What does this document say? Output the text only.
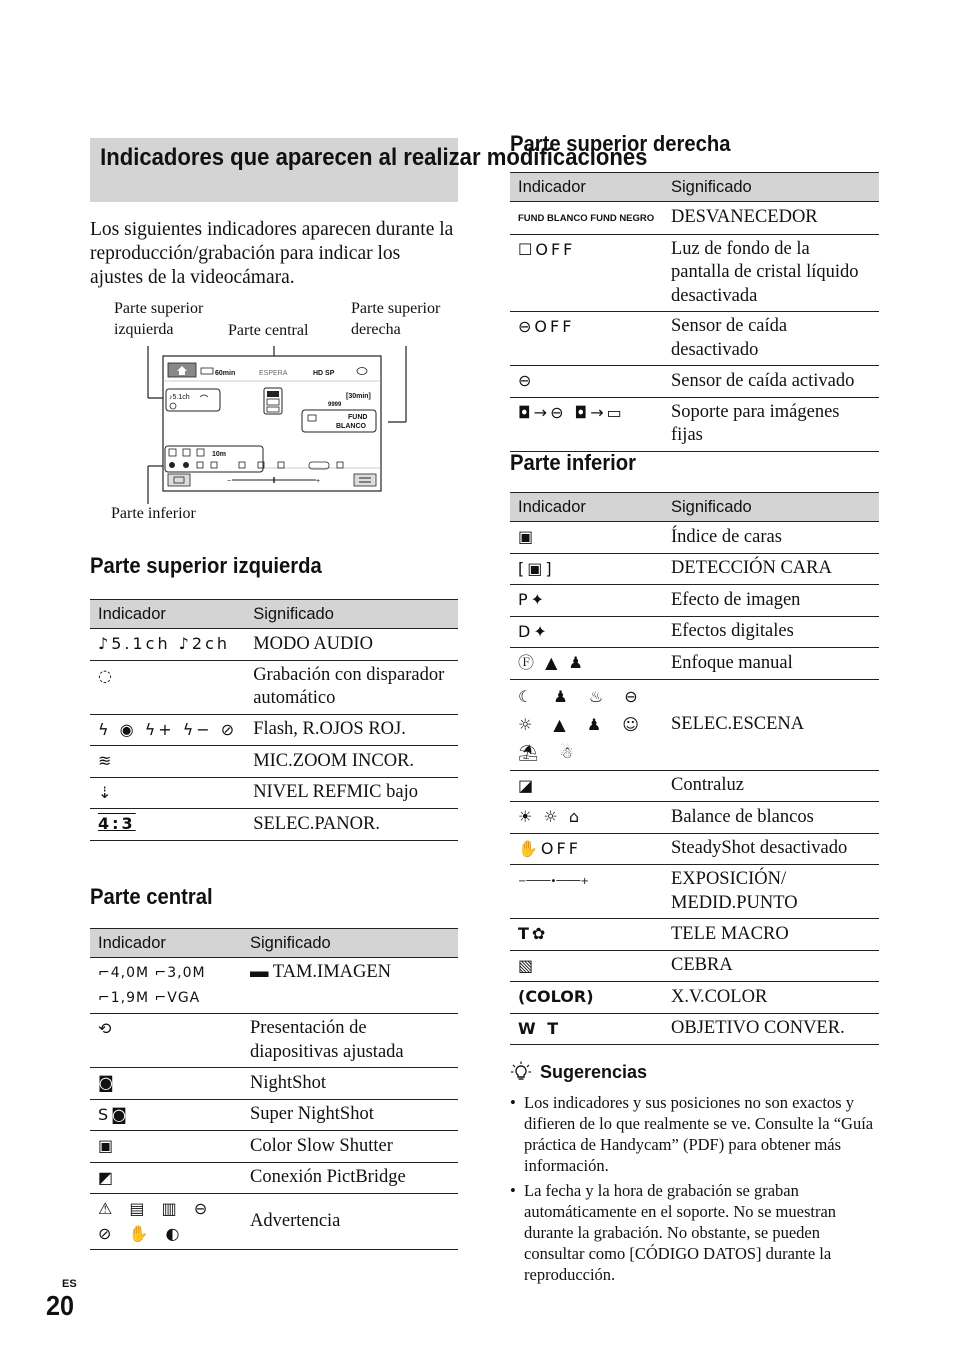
Indicadores que aparecen al realizar modificaciones

Los siguientes indicadores aparecen durante la reproducción/grabación para indicar los ajustes de la videocámara.

Parte superior izquierda	Parte central
Parte superior derecha
Parte inferior
60min	ESPERA	HD SP
♪5.1ch	[30min]
9999
FUND
BLANCO
10m
−	+
Parte superior izquierda
Indicador	Significado
♪5.1ch ♪2ch	MODO AUDIO
◌	Grabación con disparador automático
ϟ ◉ ϟ+ ϟ− ⊘	Flash, R.OJOS ROJ.
≋	MIC.ZOOM INCOR.
⇣	NIVEL REFMIC bajo
4:3	SELEC.PANOR.
Parte central
Indicador	Significado
⌐4,0M ⌐3,0M ⌐1,9M ⌐VGA	▬ TAM.IMAGEN
⟲	Presentación de diapositivas ajustada
◙	NightShot
S◙	Super NightShot
▣	Color Slow Shutter
◩	Conexión PictBridge
⚠ ▤ ▥ ⊖ ⊘ ✋ ◐	Advertencia
Parte superior derecha
Indicador	Significado
FUND BLANCO FUND NEGRO	DESVANECEDOR
☐OFF	Luz de fondo de la pantalla de cristal líquido desactivada
⊖OFF	Sensor de caída desactivado
⊖	Sensor de caída activado
◘→⊖ ◘→▭	Soporte para imágenes fijas
Parte inferior
Indicador	Significado
▣	Índice de caras
[▣]	DETECCIÓN CARA
P✦	Efecto de imagen
D✦	Efectos digitales
Ⓕ ▲ ♟	Enfoque manual
☾ ♟ ♨ ⊖ ☼ ▲ ♟ ☺ ⛱ ☃	SELEC.ESCENA
◪	Contraluz
☀ ☼ ⌂	Balance de blancos
✋OFF	SteadyShot desactivado
−────•────+	EXPOSICIÓN/ MEDID.PUNTO
T✿	TELE MACRO
▧	CEBRA
(COLOR)	X.V.COLOR
W T	OBJETIVO CONVER.
Sugerencias
• Los indicadores y sus posiciones no son exactos y difieren de lo que realmente se ve. Consulte la “Guía práctica de Handycam” (PDF) para obtener más información.
• La fecha y la hora de grabación se graban automáticamente en el soporte. No se muestran durante la grabación. No obstante, se pueden consultar como [CÓDIGO DATOS] durante la reproducción.
ES
20
